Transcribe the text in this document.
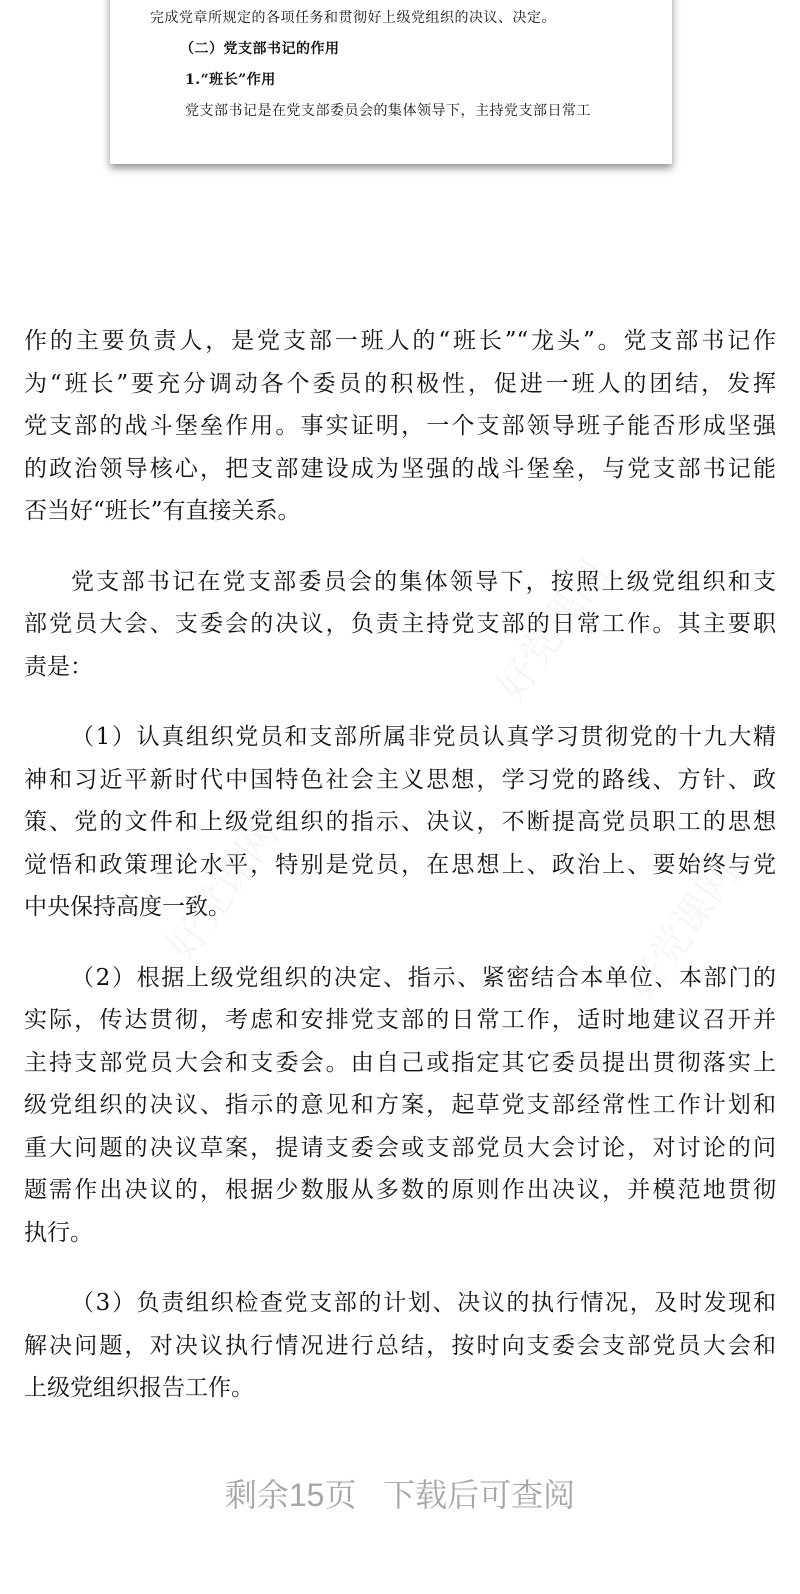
完成党章所规定的各项任务和贯彻好上级党组织的决议、决定。
（二）党支部书记的作用
1.“班长”作用
党支部书记是在党支部委员会的集体领导下，主持党支部日常工
作的主要负责人，是党支部一班人的“班长”“龙头”。党支部书记作
为“班长”要充分调动各个委员的积极性，促进一班人的团结，发挥
党支部的战斗堡垒作用。事实证明，一个支部领导班子能否形成坚强
的政治领导核心，把支部建设成为坚强的战斗堡垒，与党支部书记能
否当好“班长”有直接关系。
党支部书记在党支部委员会的集体领导下，按照上级党组织和支
部党员大会、支委会的决议，负责主持党支部的日常工作。其主要职
责是：
（1）认真组织党员和支部所属非党员认真学习贯彻党的十九大精
神和习近平新时代中国特色社会主义思想，学习党的路线、方针、政
策、党的文件和上级党组织的指示、决议，不断提高党员职工的思想
觉悟和政策理论水平，特别是党员，在思想上、政治上、要始终与党
中央保持高度一致。
（2）根据上级党组织的决定、指示、紧密结合本单位、本部门的
实际，传达贯彻，考虑和安排党支部的日常工作，适时地建议召开并
主持支部党员大会和支委会。由自己或指定其它委员提出贯彻落实上
级党组织的决议、指示的意见和方案，起草党支部经常性工作计划和
重大问题的决议草案，提请支委会或支部党员大会讨论，对讨论的问
题需作出决议的，根据少数服从多数的原则作出决议，并模范地贯彻
执行。
（3）负责组织检查党支部的计划、决议的执行情况，及时发现和
解决问题，对决议执行情况进行总结，按时向支委会支部党员大会和
上级党组织报告工作。
剩余15页 下载后可查阅
